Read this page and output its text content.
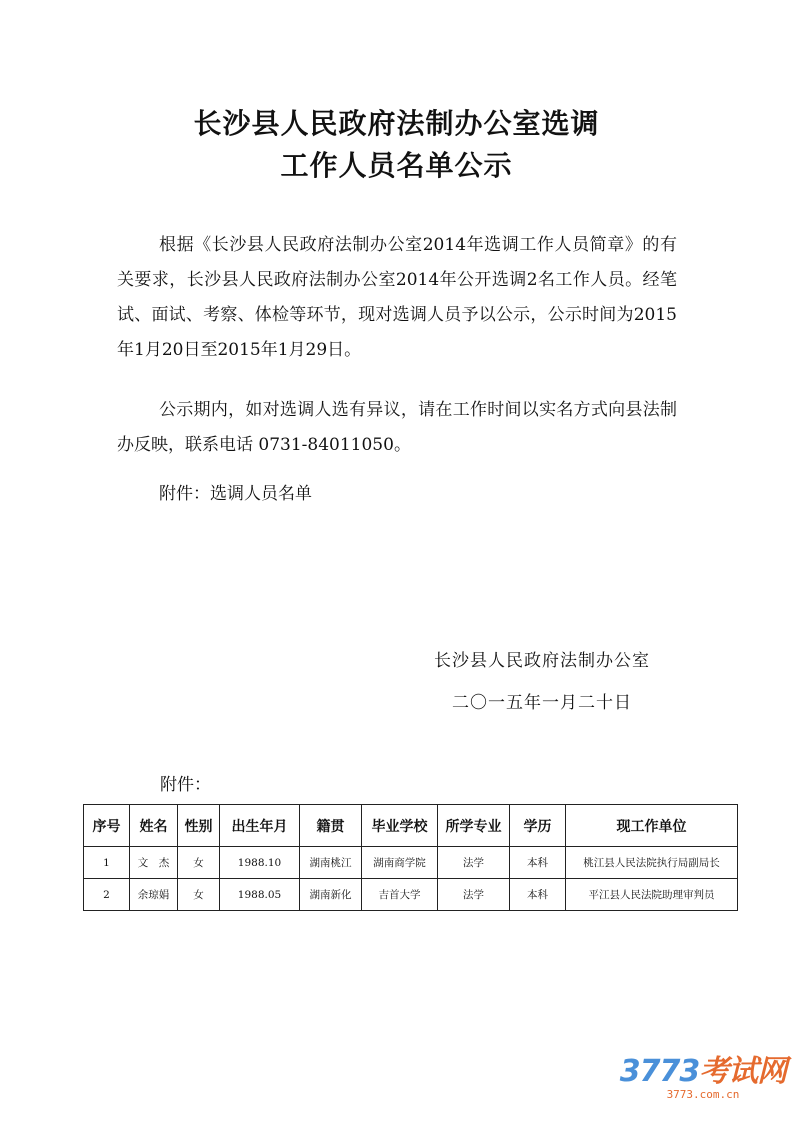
长沙县人民政府法制办公室选调
工作人员名单公示
根据《长沙县人民政府法制办公室2014年选调工作人员简章》的有关要求，长沙县人民政府法制办公室2014年公开选调2名工作人员。经笔试、面试、考察、体检等环节，现对选调人员予以公示，公示时间为2015年1月20日至2015年1月29日。
公示期内，如对选调人选有异议，请在工作时间以实名方式向县法制办反映，联系电话 0731-84011050。
附件：选调人员名单
长沙县人民政府法制办公室
二〇一五年一月二十日
附件：
序号	姓名	性别	出生年月	籍贯	毕业学校	所学专业	学历	现工作单位
1	文　杰	女	1988.10	湖南桃江	湖南商学院	法学	本科	桃江县人民法院执行局副局长
2	余琼娟	女	1988.05	湖南新化	吉首大学	法学	本科	平江县人民法院助理审判员
3773考试网
3773.com.cn
